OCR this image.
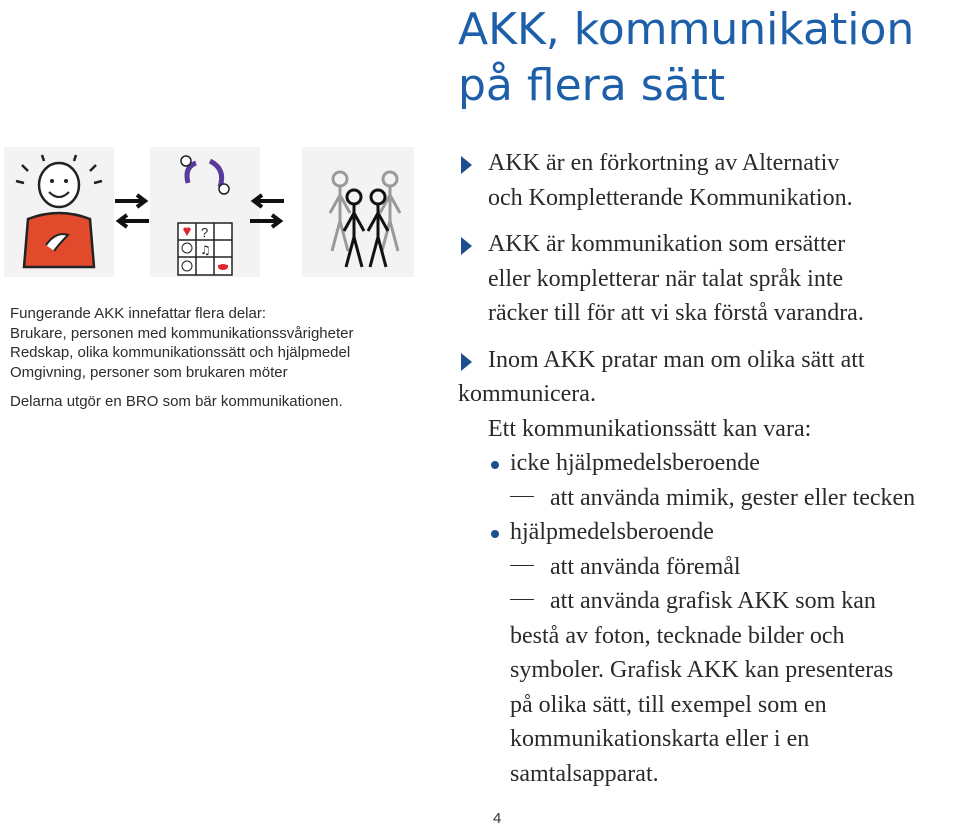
AKK, kommunikation
på flera sätt
?
♫
Fungerande AKK innefattar flera delar:
Brukare, personen med kommunikationssvårigheter
Redskap, olika kommunikationssätt och hjälpmedel
Omgivning, personer som brukaren möter
Delarna utgör en BRO som bär kommunikationen.
AKK är en förkortning av Alternativ
och Kompletterande Kommunikation.
AKK är kommunikation som ersätter
eller kompletterar när talat språk inte
räcker till för att vi ska förstå varandra.
Inom AKK pratar man om olika sätt att
kommunicera.
Ett kommunikationssätt kan vara:
icke hjälpmedelsberoende
att använda mimik, gester eller tecken
hjälpmedelsberoende
att använda föremål
att använda grafisk AKK som kan
bestå av foton, tecknade bilder och
symboler. Grafisk AKK kan presenteras
på olika sätt, till exempel som en
kommunikationskarta eller i en
samtalsapparat.
4
